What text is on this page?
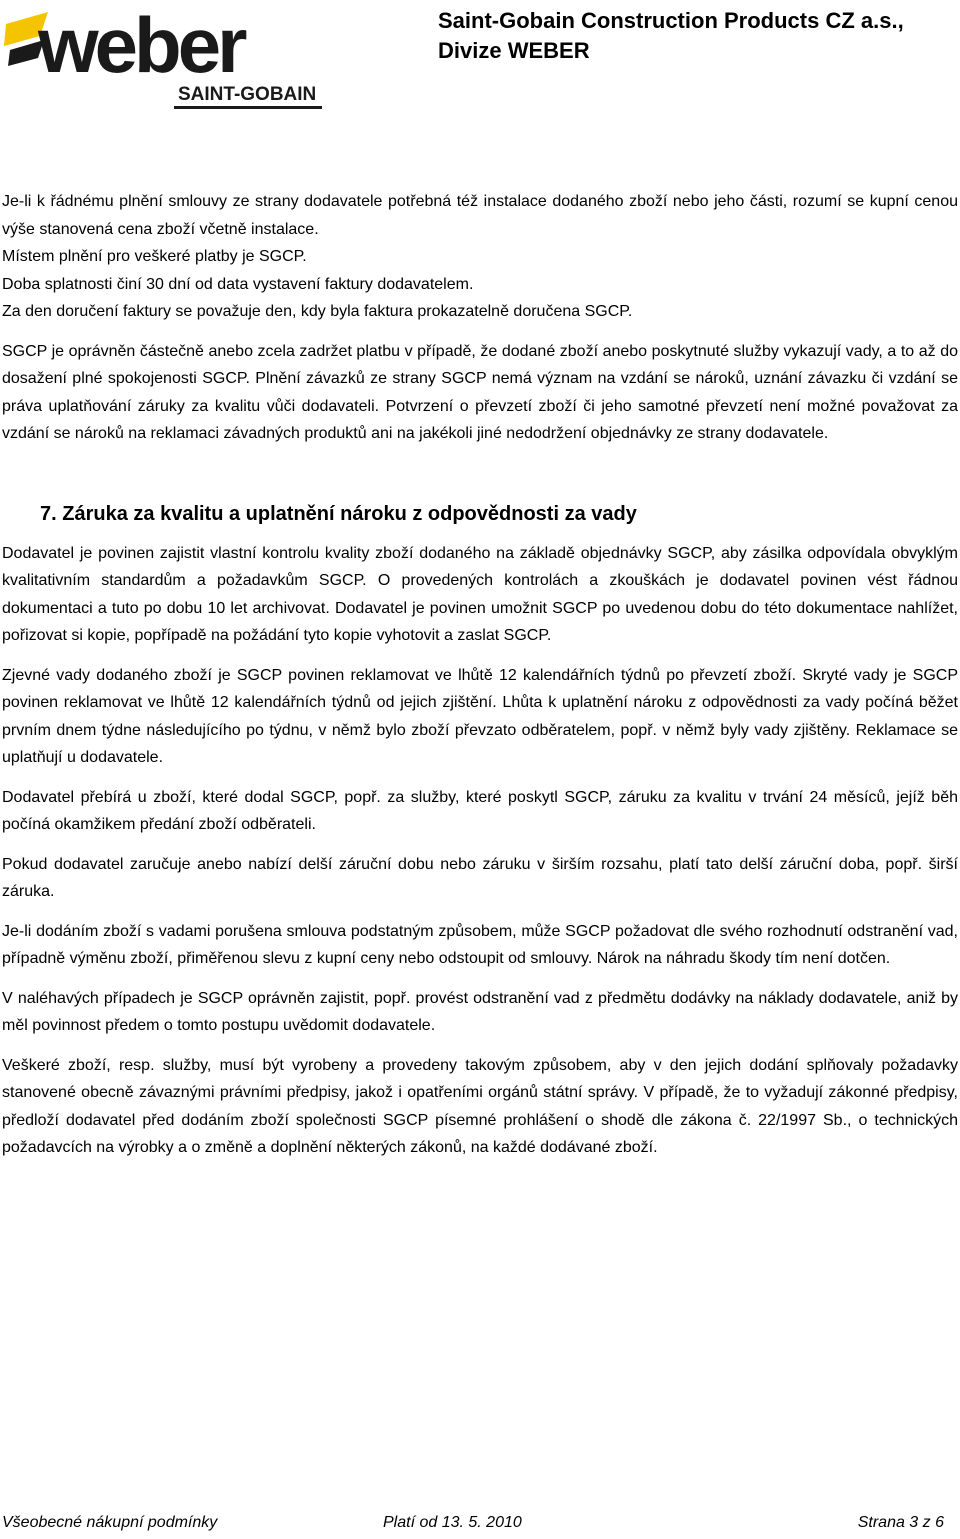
weber
SAINT-GOBAIN
Saint-Gobain Construction Products CZ a.s.,
Divize WEBER

Je-li k řádnému plnění smlouvy ze strany dodavatele potřebná též instalace dodaného zboží nebo jeho části, rozumí se kupní cenou výše stanovená cena zboží včetně instalace.

Místem plnění pro veškeré platby je SGCP.

Doba splatnosti činí 30 dní od data vystavení faktury dodavatelem.

Za den doručení faktury se považuje den, kdy byla faktura prokazatelně doručena SGCP.

SGCP je oprávněn částečně anebo zcela zadržet platbu v případě, že dodané zboží anebo poskytnuté služby vykazují vady, a to až do dosažení plné spokojenosti SGCP. Plnění závazků ze strany SGCP nemá význam na vzdání se nároků, uznání závazku či vzdání se práva uplatňování záruky za kvalitu vůči dodavateli. Potvrzení o převzetí zboží či jeho samotné převzetí není možné považovat za vzdání se nároků na reklamaci závadných produktů ani na jakékoli jiné nedodržení objednávky ze strany dodavatele.

7. Záruka za kvalitu a uplatnění nároku z odpovědnosti za vady

Dodavatel je povinen zajistit vlastní kontrolu kvality zboží dodaného na základě objednávky SGCP, aby zásilka odpovídala obvyklým kvalitativním standardům a požadavkům SGCP. O provedených kontrolách a zkouškách je dodavatel povinen vést řádnou dokumentaci a tuto po dobu 10 let archivovat. Dodavatel je povinen umožnit SGCP po uvedenou dobu do této dokumentace nahlížet, pořizovat si kopie, popřípadě na požádání tyto kopie vyhotovit a zaslat SGCP.

Zjevné vady dodaného zboží je SGCP povinen reklamovat ve lhůtě 12 kalendářních týdnů po převzetí zboží. Skryté vady je SGCP povinen reklamovat ve lhůtě 12 kalendářních týdnů od jejich zjištění. Lhůta k uplatnění nároku z odpovědnosti za vady počíná běžet prvním dnem týdne následujícího po týdnu, v němž bylo zboží převzato odběratelem, popř. v němž byly vady zjištěny. Reklamace se uplatňují u dodavatele.

Dodavatel přebírá u zboží, které dodal SGCP, popř. za služby, které poskytl SGCP, záruku za kvalitu v trvání 24 měsíců, jejíž běh počíná okamžikem předání zboží odběrateli.

Pokud dodavatel zaručuje anebo nabízí delší záruční dobu nebo záruku v širším rozsahu, platí tato delší záruční doba, popř. širší záruka.

Je-li dodáním zboží s vadami porušena smlouva podstatným způsobem, může SGCP požadovat dle svého rozhodnutí odstranění vad, případně výměnu zboží, přiměřenou slevu z kupní ceny nebo odstoupit od smlouvy. Nárok na náhradu škody tím není dotčen.

V naléhavých případech je SGCP oprávněn zajistit, popř. provést odstranění vad z předmětu dodávky na náklady dodavatele, aniž by měl povinnost předem o tomto postupu uvědomit dodavatele.

Veškeré zboží, resp. služby, musí být vyrobeny a provedeny takovým způsobem, aby v den jejich dodání splňovaly požadavky stanovené obecně závaznými právními předpisy, jakož i opatřeními orgánů státní správy. V případě, že to vyžadují zákonné předpisy, předloží dodavatel před dodáním zboží společnosti SGCP písemné prohlášení o shodě dle zákona č. 22/1997 Sb., o technických požadavcích na výrobky a o změně a doplnění některých zákonů, na každé dodávané zboží.

Všeobecné nákupní podmínky	Platí od 13. 5. 2010	Strana 3 z 6
